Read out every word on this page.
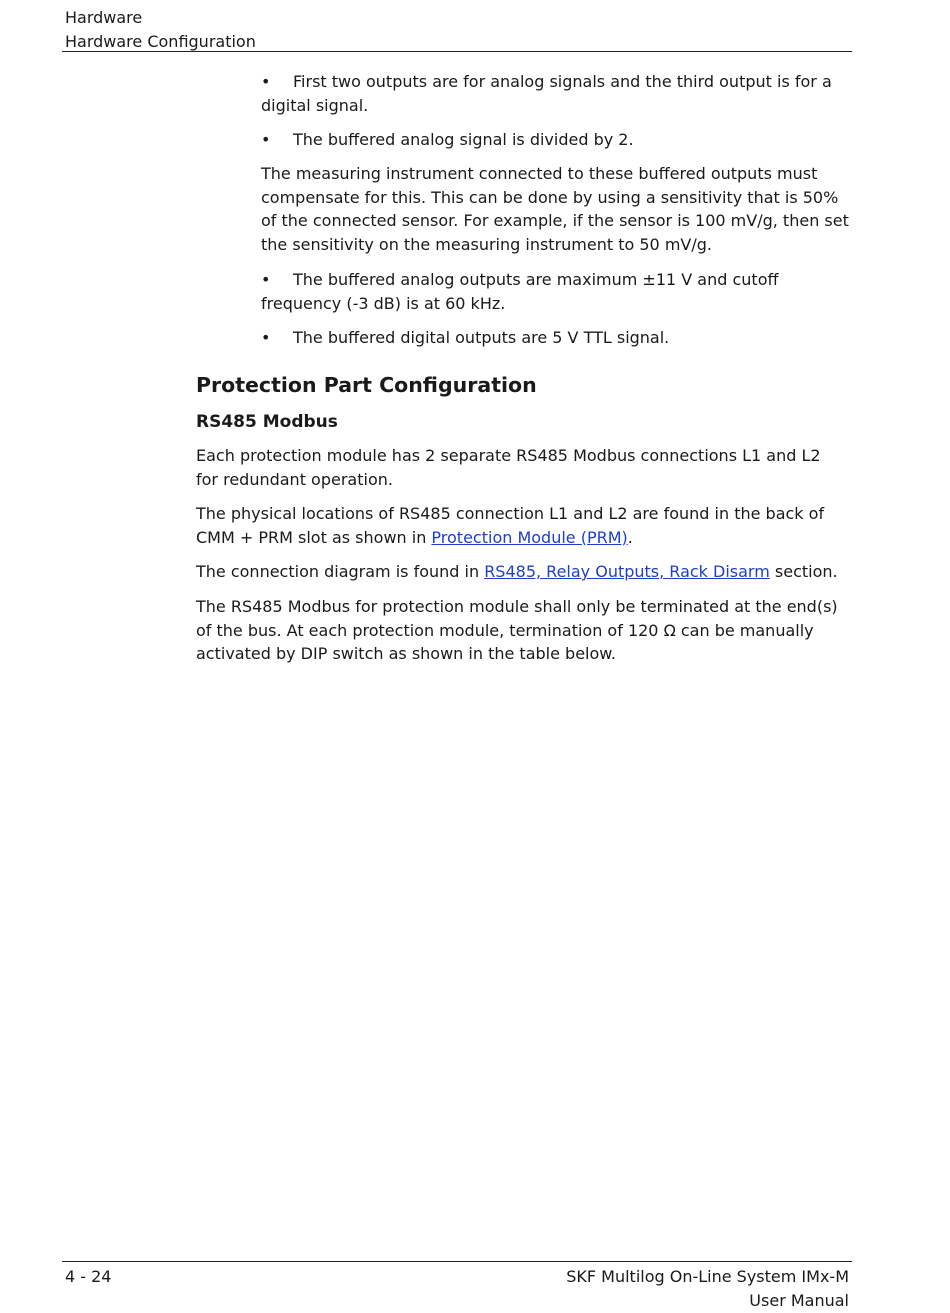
Hardware
Hardware Configuration

• First two outputs are for analog signals and the third output is for a digital signal.

• The buffered analog signal is divided by 2.

The measuring instrument connected to these buffered outputs must compensate for this. This can be done by using a sensitivity that is 50% of the connected sensor. For example, if the sensor is 100 mV/g, then set the sensitivity on the measuring instrument to 50 mV/g.

• The buffered analog outputs are maximum ±11 V and cutoff frequency (-3 dB) is at 60 kHz.

• The buffered digital outputs are 5 V TTL signal.

Protection Part Configuration
RS485 Modbus

Each protection module has 2 separate RS485 Modbus connections L1 and L2 for redundant operation.

The physical locations of RS485 connection L1 and L2 are found in the back of CMM + PRM slot as shown in Protection Module (PRM).

The connection diagram is found in RS485, Relay Outputs, Rack Disarm section.

The RS485 Modbus for protection module shall only be terminated at the end(s) of the bus. At each protection module, termination of 120 Ω can be manually activated by DIP switch as shown in the table below.

4 - 24	SKF Multilog On-Line System IMx-M
User Manual
